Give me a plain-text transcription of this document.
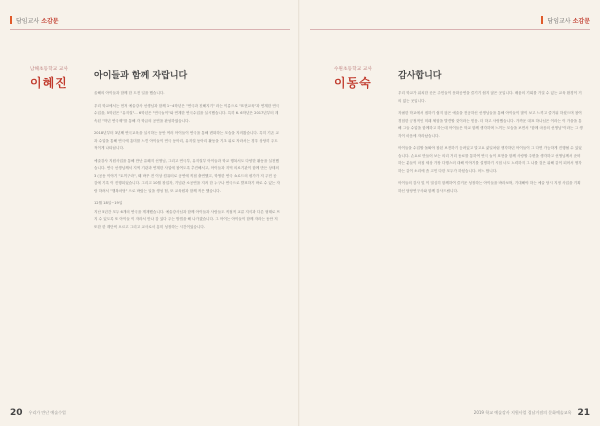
담임교사 소감문
남해초등학교 교사
이혜진	아이들과 함께 자랍니다

올해의 아이들과 함께 한 도전 일을 했습니다.

우리 학교에서는 먼저 예술강사 선생님과 함께 1~4학년은 "연극과 친해지기" 라는 이름으로 "표현교육"과 연계한 연극수업을, 5학년은 "뮤지컬"... 6학년은 "연극놀이"와 연계한 연극수업을 실시했습니다. 특히 6. 6학년은 2017년부터 계속된 "학년 연극제"를 통해 각 학급의 공연을 완성하였습니다.

2018년부터 3년째 연극교육을 실시하는 동안 여러 아이들이 연극을 통해 변화하는 모습을 지켜봤습니다. 특히 기존 교과 수업을 통해 연극에 흥미를 느낀 아이들이 연극 동아리, 뮤지컬 동아리 활동을 기초 위로 자라서는 경우 상당히 주도적이게 나타납니다.

예술강사 지원사업을 통해 만난 유쾌지 선생님, 그리고 연극부, 뮤지컬부 아이들과 학교 행복서도 다양한 활동을 실천했습니다. 연극 선생님께서 지역 기관과 연계한 사업에 참여도록 추진해서고, 아이들과 지역 의료기관이 함께 만든 상태의 3 (공동 이야기 "토끼구라", 왜 바꾸 전 이상 컴퓨터로 공연에 직접 출연했고, 학생한 연극 쇼로드의 평가가 저 주민 공감에 기록 이 진행되었습니다. 그리고 10월 창업자, 기념관 소공연을 지켜 한 누구나 연극으로 발표하기 바로 수 있는 자랑 하려서 "행복마당" 으로 바랐는 일을 생성 힘, 또 교육원과 함께 적은 했습니다.

12월 18일~19일

지난 5년간 모두 6개의 연극을 게재했습니다. 예술강사님과 함께 아이들과 사람들도 직접적 교류 지식과 다른 형태로 뜨지 수 있도록 또 아이들 이 자라서 만나 감 있다 주는 방법을 해 나가겠습니다. 그 아이는 아이들이 함께 자라는 동안 저 또한 한 계단씩 오르고 그리고 교사로서 흥미 성장하는 시간이었습니다.

20 우리가 만난 예술수업
담임교사 소감문
수원초등학교 교사
이동숙	감사합니다

우리 학교가 위치한 곳은 주민들이 문화공연을 즐기기 쉽지 않은 곳입니다. 배움의 기회를 가질 수 있는 교육 환경이 거의 없는 곳입니다.

자필한 학교에서 접하기 쉽지 않은 예술을 전공하신 선생님들을 통해 아이들이 많이 보고 느끼고 즐거워 하셨으며 참여 경험한 긍정적인 미래 체험을 발견할 것이라는 믿음. 더 하고 사랑했습니다. 가까운 대표 하나님은 이라는 이 가을을 통해 그들 수업을 함께하고 하는데 아이들은 학교 함께 생각하며 느끼는 모습을 보면서 "함께 마음의 선생님"이라는 그 생각이 마음에 자라났습니다.

아이들을 수업할 돌봐야 참된 보전하기 등려있고 말고요 삶일처럼 생각하던 아이들이 그 다면 가능하게 진행될 수 있었습니다. 손요료 만들어 보는 의리 거리 동료를 통하여 연극 놀이 표현을 함께 사랑할 주변을 생각하고 선생님께서 준비하는 분들이 마침 세상 가장 다행스러 대해 이야기를 설명하기 시험 너도 노력하지 그 나를 것은 위해 같이 되어서 생각하는 같이 소리에 좀 고민 다한 모두가 하셨습니다. 어느 합니다.

아이들의 감사 및 이 열심히 함께하여 즐거운 성장하는 아이들을 바라보며, 기대해야 하는 예술 당시 지정 사업을 기획하신 담당연구사와 함께 감사드립니다.

2019 학교 예술강사 지원사업 경남거점의 문화예술교육 21
